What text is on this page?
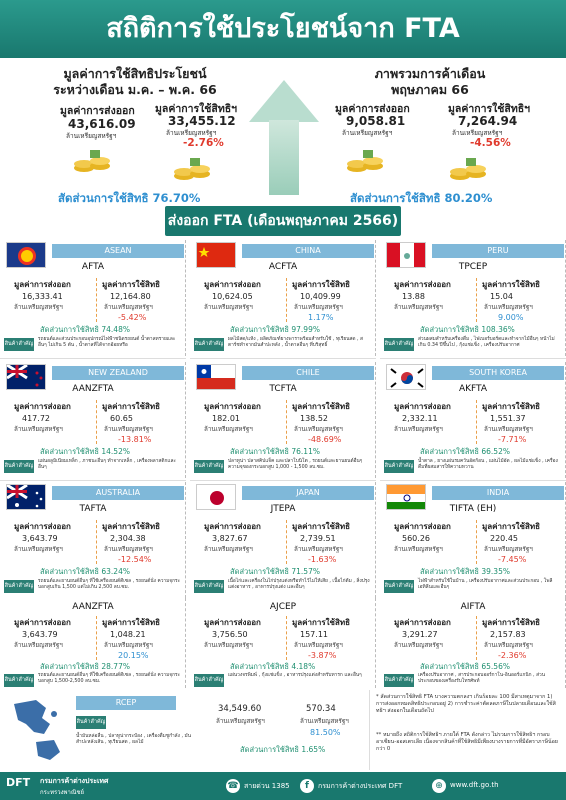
สถิติการใช้ประโยชน์จาก FTA
มูลค่าการใช้สิทธิประโยชน์
ระหว่างเดือน ม.ค. – พ.ค. 66
มูลค่าการส่งออก
43,616.09
ล้านเหรียญสหรัฐฯ
มูลค่าการใช้สิทธิฯ
33,455.12
ล้านเหรียญสหรัฐฯ
-2.76%
สัดส่วนการใช้สิทธิ 76.70%
ภาพรวมการค้าเดือน
พฤษภาคม 66
มูลค่าการส่งออก
9,058.81
ล้านเหรียญสหรัฐฯ
มูลค่าการใช้สิทธิฯ
7,264.94
ล้านเหรียญสหรัฐฯ
-4.56%
สัดส่วนการใช้สิทธิ 80.20%
ส่งออก FTA (เดือนพฤษภาคม 2566)
ASEAN
AFTA
มูลค่าการส่งออก	มูลค่าการใช้สิทธิ
16,333.41
ล้านเหรียญสหรัฐฯ
12,164.80
ล้านเหรียญสหรัฐฯ
-5.42%
สัดส่วนการใช้สิทธิ 74.48%
สินค้าสำคัญ
รถยนต์และส่วนประกอบอุปกรณ์ไฟฟ้าชนิดรถยนต์ น้ำตาลทรายและอื่นๆ ไม่เกิน 5 ตัน , น้ำตาลที่ได้จากอ้อยหรือ
CHINA
ACFTA
มูลค่าการส่งออก	มูลค่าการใช้สิทธิ
10,624.05
ล้านเหรียญสหรัฐฯ
10,409.99
ล้านเหรียญสหรัฐฯ
1.17%
สัดส่วนการใช้สิทธิ 97.99%
สินค้าสำคัญ
ผลไม้สด/แห้ง , ผลิตภัณฑ์ยางพาราพร้อมสำหรับใช้ , ทุเรียนสด , สตาร์ชทำจากมันสำปะหลัง , น้ำตาลอื่นๆ ที่บริสุทธิ์
PERU
TPCEP
มูลค่าการส่งออก	มูลค่าการใช้สิทธิ
13.88
ล้านเหรียญสหรัฐฯ
15.04
ล้านเหรียญสหรัฐฯ
9.00%
สัดส่วนการใช้สิทธิ 108.36%
สินค้าสำคัญ
ส่วนผสมสำหรับเครื่องดื่ม , ไฟเบอร์บอร์ดและทำจากไม้อื่นๆ หน้าไม่เกิน 0.34 ปีขึ้นไป , กุ้งแช่แข็ง , เครื่องปรับอากาศ
NEW ZEALAND
AANZFTA
มูลค่าการส่งออก	มูลค่าการใช้สิทธิ
417.72
ล้านเหรียญสหรัฐฯ
60.65
ล้านเหรียญสหรัฐฯ
-13.81%
สัดส่วนการใช้สิทธิ 14.52%
สินค้าสำคัญ
แผ่นอลูมิเนียมเหล็ก , ภาชนะอื่นๆ ทำจากเหล็ก , เครื่องพลาสติกและอื่นๆ
CHILE
TCFTA
มูลค่าการส่งออก	มูลค่าการใช้สิทธิ
182.01
ล้านเหรียญสหรัฐฯ
138.52
ล้านเหรียญสหรัฐฯ
-48.69%
สัดส่วนการใช้สิทธิ 76.11%
สินค้าสำคัญ
ปลาทูน่า ปลาสคิปแจ็ค และปลาโบนิโต , รถยนต์และยานยนต์อื่นๆ ความจุของกระบอกสูบ 1,000 - 1,500 ลบ.ซม.
SOUTH KOREA
AKFTA
มูลค่าการส่งออก	มูลค่าการใช้สิทธิ
2,332.11
ล้านเหรียญสหรัฐฯ
1,551.37
ล้านเหรียญสหรัฐฯ
-7.71%
สัดส่วนการใช้สิทธิ 66.52%
สินค้าสำคัญ
น้ำตาล , ยางแผ่นรมควันอัดก้อน , แผ่นไม้อัด , ผลไม้แช่แข็ง , เครื่องดื่มที่ผสมสารให้ความหวาน
AUSTRALIA
TAFTA
มูลค่าการส่งออก	มูลค่าการใช้สิทธิ
3,643.79
ล้านเหรียญสหรัฐฯ
2,304.38
ล้านเหรียญสหรัฐฯ
-12.54%
สัดส่วนการใช้สิทธิ 63.24%
สินค้าสำคัญ
รถยนต์และยานยนต์อื่นๆ ที่ใช้เครื่องยนต์ดีเซล , รถยนต์นั่ง ความจุกระบอกสูบเกิน 1,500 แต่ไม่เกิน 2,500 ลบ.ซม.
JAPAN
JTEPA
มูลค่าการส่งออก	มูลค่าการใช้สิทธิ
3,827.67
ล้านเหรียญสหรัฐฯ
2,739.51
ล้านเหรียญสหรัฐฯ
-1.63%
สัดส่วนการใช้สิทธิ 71.57%
สินค้าสำคัญ
เนื้อไก่และเครื่องในไก่ปรุงแต่งหรือทำไว้ไม่ให้เสีย , เนื้อไก่ต้ม , สิ่งปรุงแต่งอาหาร , อาหารปรุงแต่ง และอื่นๆ
INDIA
TIFTA (EH)
มูลค่าการส่งออก	มูลค่าการใช้สิทธิ
560.26
ล้านเหรียญสหรัฐฯ
220.45
ล้านเหรียญสหรัฐฯ
-7.45%
สัดส่วนการใช้สิทธิ 39.35%
สินค้าสำคัญ
ไฟฟ้าสำหรับใช้ในบ้าน , เครื่องปรับอากาศและส่วนประกอบ , โพลีเอทิลีนและอื่นๆ
AANZFTA
มูลค่าการส่งออก	มูลค่าการใช้สิทธิ
3,643.79
ล้านเหรียญสหรัฐฯ
1,048.21
ล้านเหรียญสหรัฐฯ
20.15%
สัดส่วนการใช้สิทธิ 28.77%
สินค้าสำคัญ
รถยนต์และยานยนต์อื่นๆ ที่ใช้เครื่องยนต์ดีเซล , รถยนต์นั่ง ความจุกระบอกสูบ 1,500-2,500 ลบ.ซม.
AJCEP
มูลค่าการส่งออก	มูลค่าการใช้สิทธิ
3,756.50
ล้านเหรียญสหรัฐฯ
157.11
ล้านเหรียญสหรัฐฯ
-3.87%
สัดส่วนการใช้สิทธิ 4.18%
สินค้าสำคัญ
แผ่นวงจรพิมพ์ , กุ้งแช่แข็ง , อาหารปรุงแต่งสำหรับทารก และอื่นๆ
AIFTA
มูลค่าการส่งออก	มูลค่าการใช้สิทธิ
3,291.27
ล้านเหรียญสหรัฐฯ
2,157.83
ล้านเหรียญสหรัฐฯ
-2.36%
สัดส่วนการใช้สิทธิ 65.56%
สินค้าสำคัญ
เครื่องปรับอากาศ , สารประกอบออร์กาโน-อินออร์แกนิก , ส่วนประกอบของเครื่องรับโทรศัพท์
RCEP
สินค้าสำคัญ
น้ำมันหล่อลื่น , ปลาทูน่ากระป๋อง , เครื่องดื่มชูกำลัง , มันสำปะหลังเส้น , ทุเรียนสด , ผลไม้
34,549.60
ล้านเหรียญสหรัฐฯ
570.34
ล้านเหรียญสหรัฐฯ
81.50%
สัดส่วนการใช้สิทธิ 1.65%
* สัดส่วนการใช้สิทธิ FTA บางความตกลงฯ เกินร้อยละ 100 มีสาเหตุมาจาก 1) การส่งออกหมดสิทธิประกอบอยู่ 2) การชำระค่าตัดลดภาษีในปลายเดือนและใช้สิทธิฯ ส่งออกในเดือนถัดไป
** หมายถึง สถิติการใช้สิทธิฯ ภายใต้ FTA ดังกล่าว ไม่รวมการใช้สิทธิฯ กรอบอาเซียน-ออสเตรเลีย เนื่องจากสินค้าที่ใช้สิทธิมีเพียงบางรายการที่มีอัตราภาษีน้อยกว่า 0
DFT กรมการค้าต่างประเทศ
กระทรวงพาณิชย์
☎ สายด่วน 1385	f	กรมการค้าต่างประเทศ DFT	⊕	www.dft.go.th
